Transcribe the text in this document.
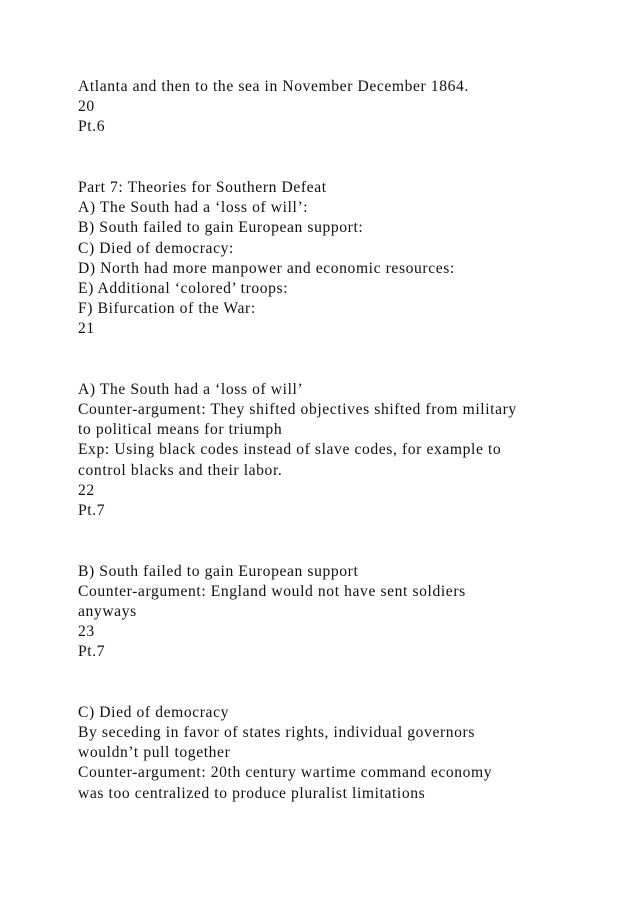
Atlanta and then to the sea in November December 1864.
20
Pt.6
Part 7: Theories for Southern Defeat
A) The South had a ‘loss of will’:
B) South failed to gain European support:
C) Died of democracy:
D) North had more manpower and economic resources:
E) Additional ‘colored’ troops:
F) Bifurcation of the War:
21
A) The South had a ‘loss of will’
Counter-argument: They shifted objectives shifted from military
to political means for triumph
Exp: Using black codes instead of slave codes, for example to
control blacks and their labor.
22
Pt.7
B) South failed to gain European support
Counter-argument: England would not have sent soldiers
anyways
23
Pt.7
C) Died of democracy
By seceding in favor of states rights, individual governors
wouldn’t pull together
Counter-argument: 20th century wartime command economy
was too centralized to produce pluralist limitations
